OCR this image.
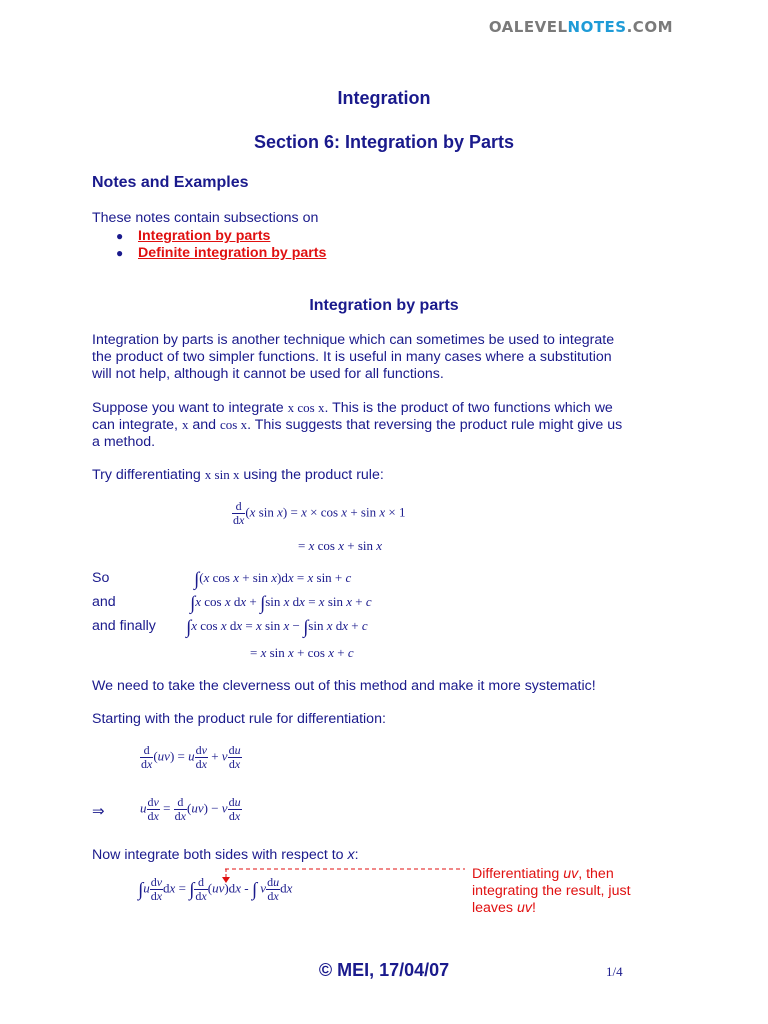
OALEVELNOTES.COM
Integration
Section 6: Integration by Parts
Notes and Examples
These notes contain subsections on
● Integration by parts
● Definite integration by parts
Integration by parts
Integration by parts is another technique which can sometimes be used to integrate
the product of two simpler functions. It is useful in many cases where a substitution
will not help, although it cannot be used for all functions.
Suppose you want to integrate x cos x. This is the product of two functions which we
can integrate, x and cos x. This suggests that reversing the product rule might give us
a method.
Try differentiating x sin x using the product rule:
$\frac{d}{dx} (x$ sin x) = x × cos x + sin x × 1
= x cos x + sin x
So	∫(x cos x + sin x)dx = x sin + c
and	∫x cos x dx + ∫sin x dx = x sin x + c
and finally ∫x cos x dx = x sin x − ∫sin x dx + c
= x sin x + cos x + c
We need to take the cleverness out of this method and make it more systematic!
Starting with the product rule for differentiation:
$\frac{d}{dx} (uv) = u \frac{dv}{dx} + v \frac{du}{dx}$
⇒	u $\frac{dv}{dx} = \frac{d}{dx} (uv) - v \frac{du}{dx}$
Now integrate both sides with respect to x:
$\int u \frac{dv}{dx}$ dx = ∫ $\frac{d}{dx} (uv)dx$ - ∫ v $\frac{du}{dx}$ dx
Differentiating uv, then
integrating the result, just
leaves uv!
© MEI, 17/04/07	1/4
